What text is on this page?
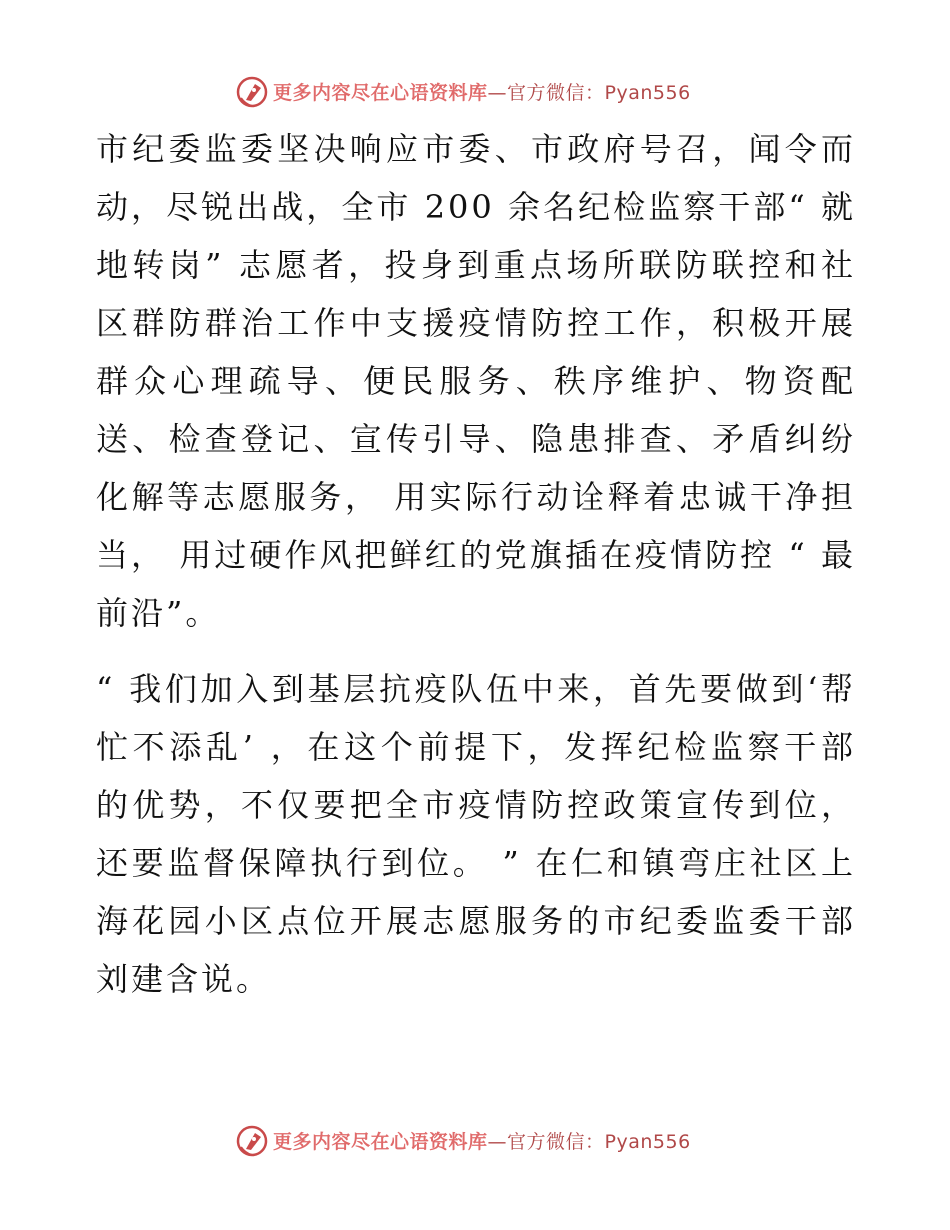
更多内容尽在心语资料库—官方微信：Pyan556

市纪委监委坚决响应市委、市政府号召，闻令而动，尽锐出战，全市 200 余名纪检监察干部“ 就地转岗” 志愿者，投身到重点场所联防联控和社区群防群治工作中支援疫情防控工作，积极开展群众心理疏导、便民服务、秩序维护、物资配送、检查登记、宣传引导、隐患排查、矛盾纠纷化解等志愿服务， 用实际行动诠释着忠诚干净担当， 用过硬作风把鲜红的党旗插在疫情防控 “ 最前沿”。

“ 我们加入到基层抗疫队伍中来，首先要做到‘帮忙不添乱’ ，在这个前提下，发挥纪检监察干部的优势，不仅要把全市疫情防控政策宣传到位，还要监督保障执行到位。 ” 在仁和镇弯庄社区上海花园小区点位开展志愿服务的市纪委监委干部刘建含说。

更多内容尽在心语资料库—官方微信：Pyan556
